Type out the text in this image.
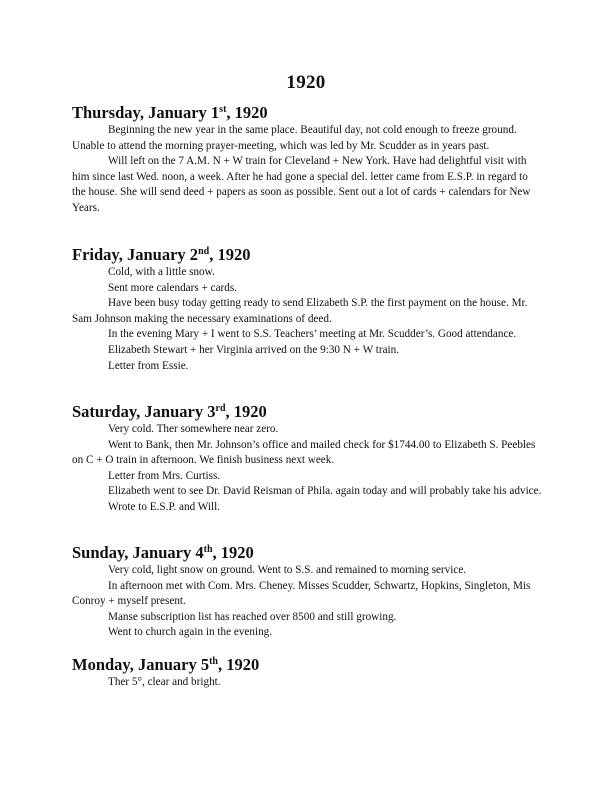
1920
Thursday, January 1st, 1920

Beginning the new year in the same place. Beautiful day, not cold enough to freeze ground. Unable to attend the morning prayer-meeting, which was led by Mr. Scudder as in years past.

Will left on the 7 A.M. N + W train for Cleveland + New York. Have had delightful visit with him since last Wed. noon, a week. After he had gone a special del. letter came from E.S.P. in regard to the house. She will send deed + papers as soon as possible. Sent out a lot of cards + calendars for New Years.

Friday, January 2nd, 1920

Cold, with a little snow.

Sent more calendars + cards.

Have been busy today getting ready to send Elizabeth S.P. the first payment on the house. Mr. Sam Johnson making the necessary examinations of deed.

In the evening Mary + I went to S.S. Teachers’ meeting at Mr. Scudder’s. Good attendance.

Elizabeth Stewart + her Virginia arrived on the 9:30 N + W train.

Letter from Essie.

Saturday, January 3rd, 1920

Very cold. Ther somewhere near zero.

Went to Bank, then Mr. Johnson’s office and mailed check for $1744.00 to Elizabeth S. Peebles on C + O train in afternoon. We finish business next week.

Letter from Mrs. Curtiss.

Elizabeth went to see Dr. David Reisman of Phila. again today and will probably take his advice.

Wrote to E.S.P. and Will.

Sunday, January 4th, 1920

Very cold, light snow on ground. Went to S.S. and remained to morning service.

In afternoon met with Com. Mrs. Cheney. Misses Scudder, Schwartz, Hopkins, Singleton, Mis Conroy + myself present.

Manse subscription list has reached over 8500 and still growing.

Went to church again in the evening.

Monday, January 5th, 1920

Ther 5°, clear and bright.
